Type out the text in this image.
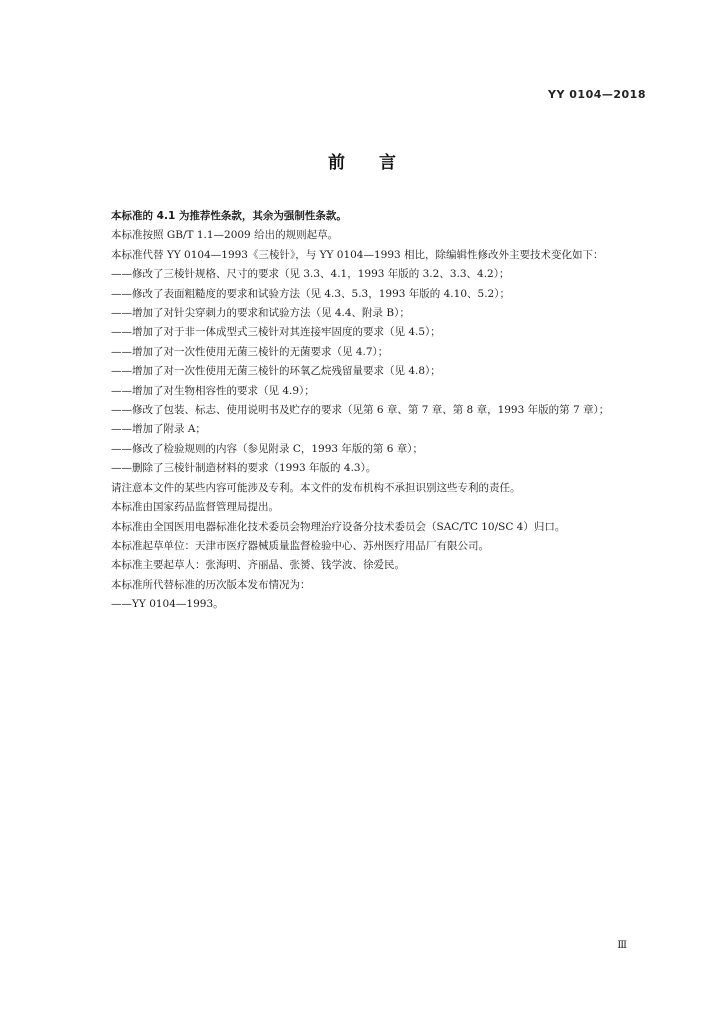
YY 0104—2018
前言

本标准的 4.1 为推荐性条款，其余为强制性条款。

本标准按照 GB/T 1.1—2009 给出的规则起草。

本标准代替 YY 0104—1993《三棱针》，与 YY 0104—1993 相比，除编辑性修改外主要技术变化如下：

——修改了三棱针规格、尺寸的要求（见 3.3、4.1，1993 年版的 3.2、3.3、4.2）；

——修改了表面粗糙度的要求和试验方法（见 4.3、5.3，1993 年版的 4.10、5.2）；

——增加了对针尖穿刺力的要求和试验方法（见 4.4、附录 B）；

——增加了对于非一体成型式三棱针对其连接牢固度的要求（见 4.5）；

——增加了对一次性使用无菌三棱针的无菌要求（见 4.7）；

——增加了对一次性使用无菌三棱针的环氧乙烷残留量要求（见 4.8）；

——增加了对生物相容性的要求（见 4.9）；

——修改了包装、标志、使用说明书及贮存的要求（见第 6 章、第 7 章、第 8 章，1993 年版的第 7 章）；

——增加了附录 A；

——修改了检验规则的内容（参见附录 C，1993 年版的第 6 章）；

——删除了三棱针制造材料的要求（1993 年版的 4.3）。

请注意本文件的某些内容可能涉及专利。本文件的发布机构不承担识别这些专利的责任。

本标准由国家药品监督管理局提出。

本标准由全国医用电器标准化技术委员会物理治疗设备分技术委员会（SAC/TC 10/SC 4）归口。

本标准起草单位：天津市医疗器械质量监督检验中心、苏州医疗用品厂有限公司。

本标准主要起草人：张海明、齐丽晶、张赟、钱学波、徐爱民。

本标准所代替标准的历次版本发布情况为：

——YY 0104—1993。

Ⅲ
